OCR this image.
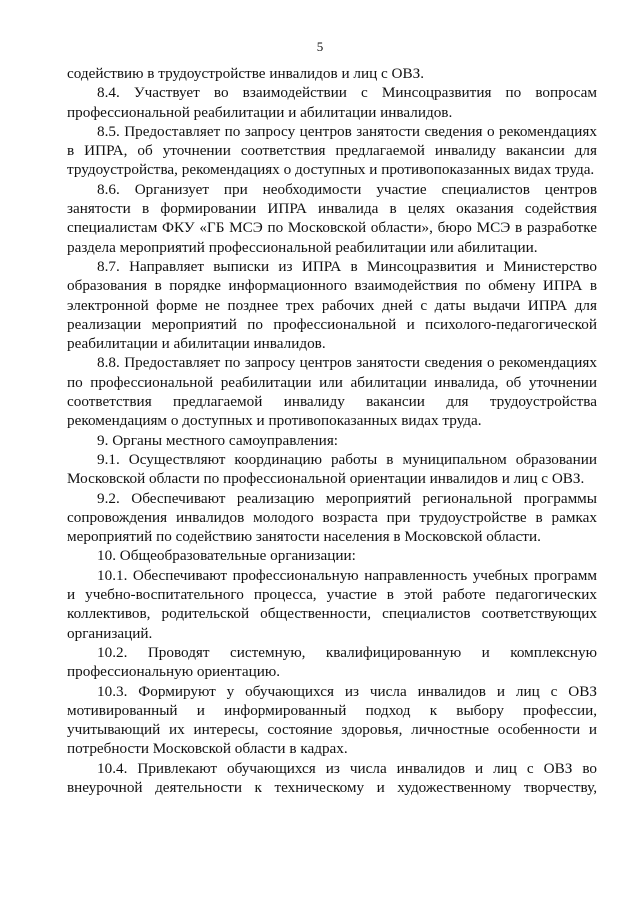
5

содействию в трудоустройстве инвалидов и лиц с ОВЗ.

8.4. Участвует во взаимодействии с Минсоцразвития по вопросам профессиональной реабилитации и абилитации инвалидов.

8.5. Предоставляет по запросу центров занятости сведения о рекомендациях в ИПРА, об уточнении соответствия предлагаемой инвалиду вакансии для трудоустройства, рекомендациях о доступных и противопоказанных видах труда.

8.6. Организует при необходимости участие специалистов центров занятости в формировании ИПРА инвалида в целях оказания содействия специалистам ФКУ «ГБ МСЭ по Московской области», бюро МСЭ в разработке раздела мероприятий профессиональной реабилитации или абилитации.

8.7. Направляет выписки из ИПРА в Минсоцразвития и Министерство образования в порядке информационного взаимодействия по обмену ИПРА в электронной форме не позднее трех рабочих дней с даты выдачи ИПРА для реализации мероприятий по профессиональной и психолого-педагогической реабилитации и абилитации инвалидов.

8.8. Предоставляет по запросу центров занятости сведения о рекомендациях по профессиональной реабилитации или абилитации инвалида, об уточнении соответствия предлагаемой инвалиду вакансии для трудоустройства рекомендациям о доступных и противопоказанных видах труда.

9. Органы местного самоуправления:

9.1. Осуществляют координацию работы в муниципальном образовании Московской области по профессиональной ориентации инвалидов и лиц с ОВЗ.

9.2. Обеспечивают реализацию мероприятий региональной программы сопровождения инвалидов молодого возраста при трудоустройстве в рамках мероприятий по содействию занятости населения в Московской области.

10. Общеобразовательные организации:

10.1. Обеспечивают профессиональную направленность учебных программ и учебно-воспитательного процесса, участие в этой работе педагогических коллективов, родительской общественности, специалистов соответствующих организаций.

10.2. Проводят системную, квалифицированную и комплексную профессиональную ориентацию.

10.3. Формируют у обучающихся из числа инвалидов и лиц с ОВЗ мотивированный и информированный подход к выбору профессии, учитывающий их интересы, состояние здоровья, личностные особенности и потребности Московской области в кадрах.

10.4. Привлекают обучающихся из числа инвалидов и лиц с ОВЗ во внеурочной деятельности к техническому и художественному творчеству,
